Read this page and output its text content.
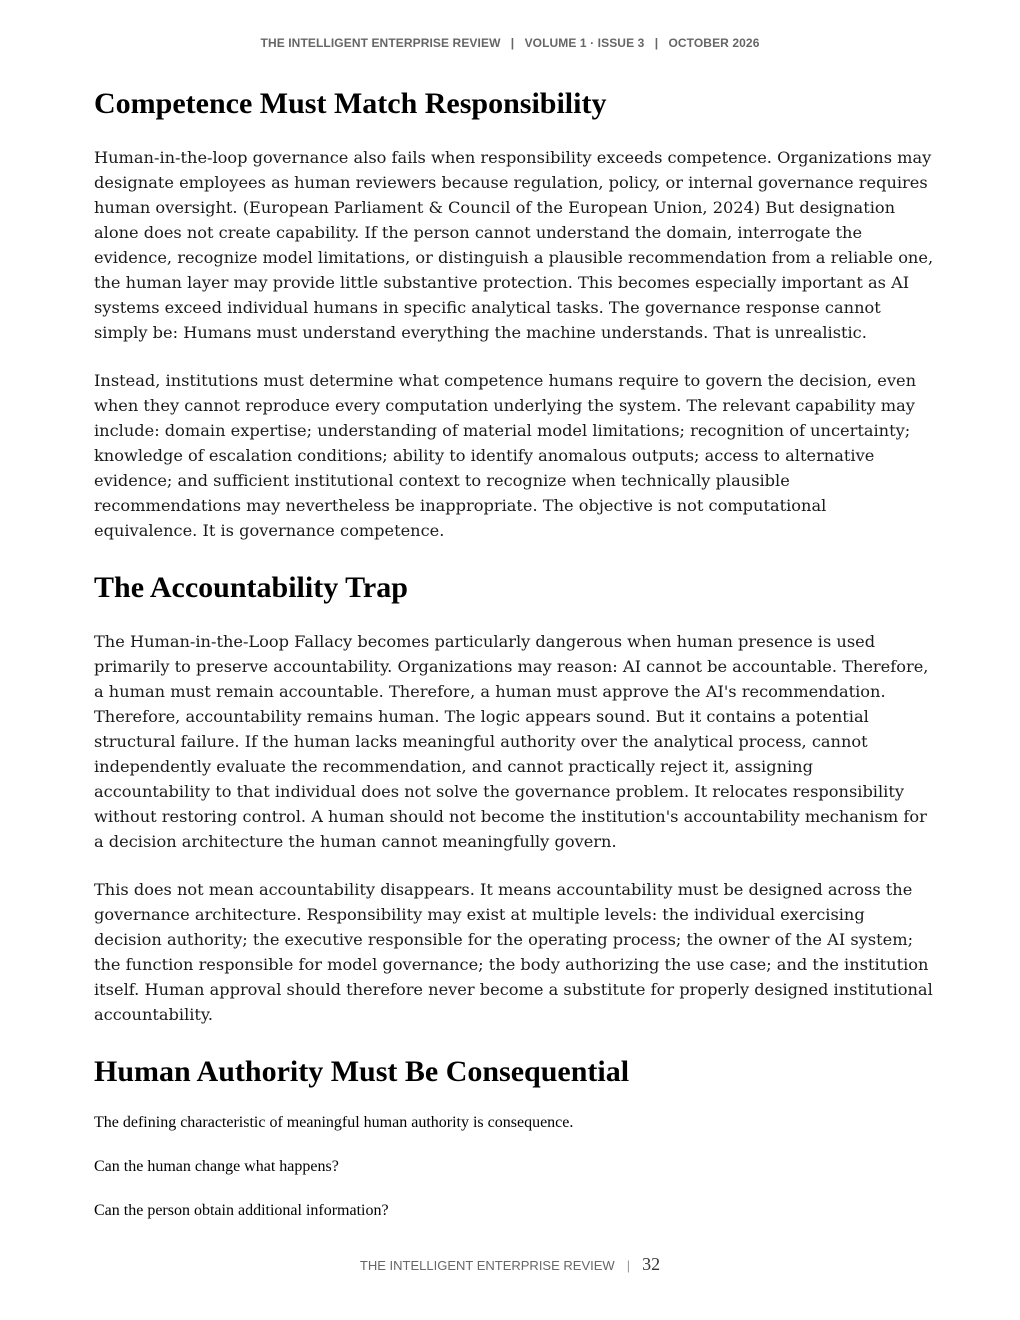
THE INTELLIGENT ENTERPRISE REVIEW   |   VOLUME 1 · ISSUE 3   |   OCTOBER 2026
Competence Must Match Responsibility

Human-in-the-loop governance also fails when responsibility exceeds competence. Organizations may designate employees as human reviewers because regulation, policy, or internal governance requires human oversight. (European Parliament & Council of the European Union, 2024) But designation alone does not create capability. If the person cannot understand the domain, interrogate the evidence, recognize model limitations, or distinguish a plausible recommendation from a reliable one, the human layer may provide little substantive protection. This becomes especially important as AI systems exceed individual humans in specific analytical tasks. The governance response cannot simply be: Humans must understand everything the machine understands. That is unrealistic.

Instead, institutions must determine what competence humans require to govern the decision, even when they cannot reproduce every computation underlying the system. The relevant capability may include: domain expertise; understanding of material model limitations; recognition of uncertainty; knowledge of escalation conditions; ability to identify anomalous outputs; access to alternative evidence; and sufficient institutional context to recognize when technically plausible recommendations may nevertheless be inappropriate. The objective is not computational equivalence. It is governance competence.

The Accountability Trap

The Human-in-the-Loop Fallacy becomes particularly dangerous when human presence is used primarily to preserve accountability. Organizations may reason: AI cannot be accountable. Therefore, a human must remain accountable. Therefore, a human must approve the AI's recommendation. Therefore, accountability remains human. The logic appears sound. But it contains a potential structural failure. If the human lacks meaningful authority over the analytical process, cannot independently evaluate the recommendation, and cannot practically reject it, assigning accountability to that individual does not solve the governance problem. It relocates responsibility without restoring control. A human should not become the institution's accountability mechanism for a decision architecture the human cannot meaningfully govern.

This does not mean accountability disappears. It means accountability must be designed across the governance architecture. Responsibility may exist at multiple levels: the individual exercising decision authority; the executive responsible for the operating process; the owner of the AI system; the function responsible for model governance; the body authorizing the use case; and the institution itself. Human approval should therefore never become a substitute for properly designed institutional accountability.

Human Authority Must Be Consequential

The defining characteristic of meaningful human authority is consequence.

Can the human change what happens?

Can the person obtain additional information?

THE INTELLIGENT ENTERPRISE REVIEW | 32
